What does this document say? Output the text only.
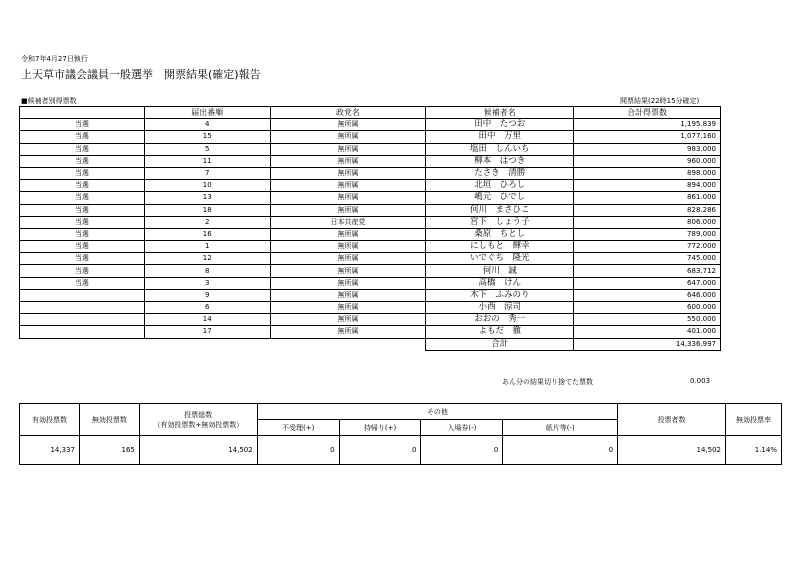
令和7年4月27日執行
上天草市議会議員一般選挙　開票結果(確定)報告
■候補者別得票数	開票結果(22時15分確定)
	届出番順	政党名	候補者名	合計得票数
当選	4	無所属	田中　たつお	1,195.839
当選	15	無所属	田中　万里	1,077.160
当選	5	無所属	塩田　しんいち	983.000
当選	11	無所属	柳本　はつき	960.000
当選	7	無所属	たさき　清勝	898.000
当選	10	無所属	北垣　ひろし	894.000
当選	13	無所属	嶋元　ひでし	861.000
当選	18	無所属	何川　まさひこ	828.286
当選	2	日本共産党	宮下　しょう子	806.000
当選	16	無所属	桑原　ちとし	789.000
当選	1	無所属	にしもと　輝幸	772.000
当選	12	無所属	いでぐち　隆光	745.000
当選	8	無所属	何川　誠	683.712
当選	3	無所属	高橋　けん	647.000
	9	無所属	木下　ふみのり	646.000
	6	無所属	小西　涼司	600.000
	14	無所属	おおの　秀一	550.000
	17	無所属	よもだ　徹	401.000
			合計	14,336.997
あん分の結果切り捨てた票数	0.003
有効投票数	無効投票数	投票総数
（有効投票数+無効投票数）	その他				投票者数	無効投票率
			不受理(+)	持帰り(+)	入場券(-)	紙片等(-)		
14,337	165	14,502	0	0	0	0	14,502	1.14%
